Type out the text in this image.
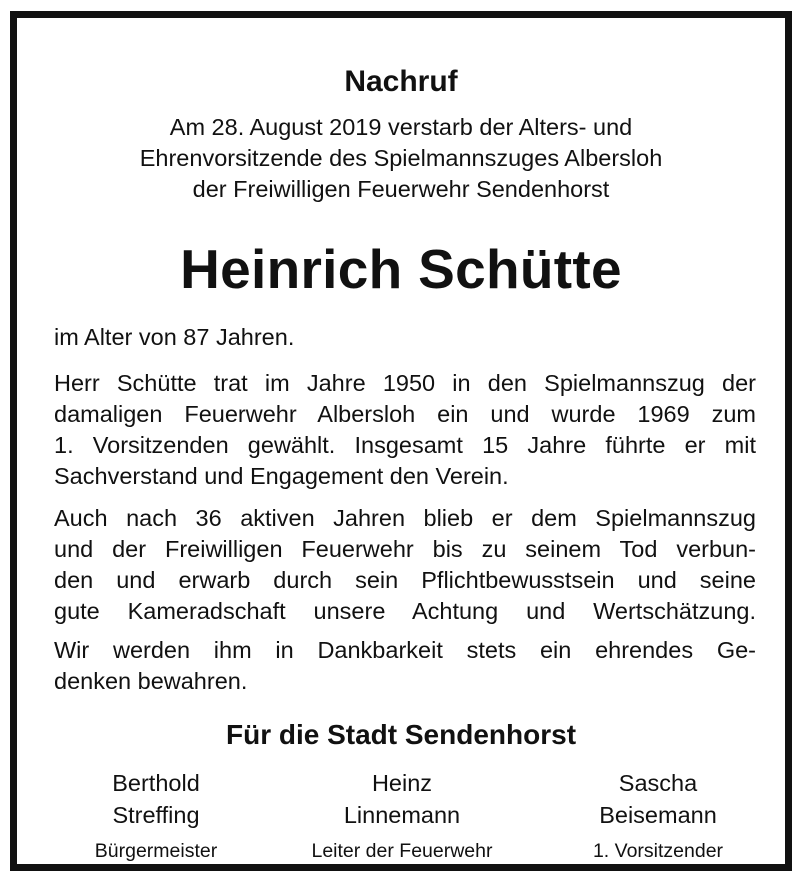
Nachruf
Am 28. August 2019 verstarb der Alters- und
Ehrenvorsitzende des Spielmannszuges Albersloh
der Freiwilligen Feuerwehr Sendenhorst
Heinrich Schütte
im Alter von 87 Jahren.
Herr Schütte trat im Jahre 1950 in den Spielmannszug der
damaligen Feuerwehr Albersloh ein und wurde 1969 zum
1. Vorsitzenden gewählt. Insgesamt 15 Jahre führte er mit
Sachverstand und Engagement den Verein.
Auch nach 36 aktiven Jahren blieb er dem Spielmannszug
und der Freiwilligen Feuerwehr bis zu seinem Tod verbun-
den und erwarb durch sein Pflichtbewusstsein und seine
gute Kameradschaft unsere Achtung und Wertschätzung.
Wir werden ihm in Dankbarkeit stets ein ehrendes Ge-
denken bewahren.
Für die Stadt Sendenhorst
Berthold
Streffing
Bürgermeister
Heinz
Linnemann
Leiter der Feuerwehr
Sascha
Beisemann
1. Vorsitzender
